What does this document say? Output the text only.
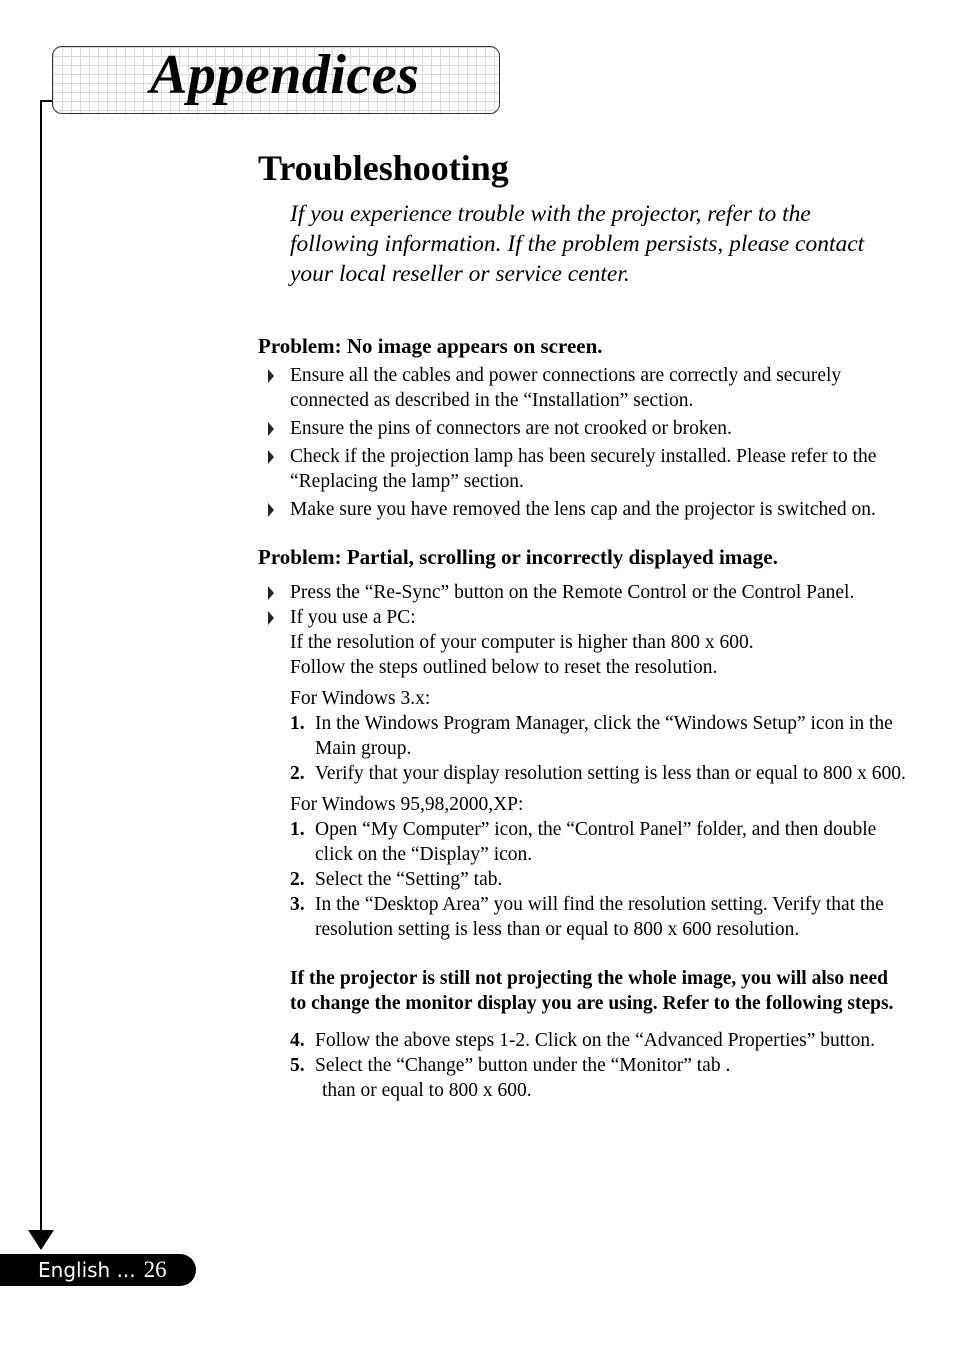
Appendices
English ... 26
Troubleshooting

If you experience trouble with the projector, refer to the following information. If the problem persists, please contact your local reseller or service center.

Problem: No image appears on screen.

Ensure all the cables and power connections are correctly and securely connected as described in the “Installation” section.
Ensure the pins of connectors are not crooked or broken.
Check if the projection lamp has been securely installed. Please refer to the “Replacing the lamp” section.
Make sure you have removed the lens cap and the projector is switched on.

Problem: Partial, scrolling or incorrectly displayed image.

Press the “Re-Sync” button on the Remote Control or the Control Panel.
If you use a PC:
If the resolution of your computer is higher than 800 x 600.
Follow the steps outlined below to reset the resolution.
For Windows 3.x:
1. In the Windows Program Manager, click the “Windows Setup” icon in the Main group.
2. Verify that your display resolution setting is less than or equal to 800 x 600.
For Windows 95,98,2000,XP:
1. Open “My Computer” icon, the “Control Panel” folder, and then double click on the “Display” icon.
2. Select the “Setting” tab.
3. In the “Desktop Area” you will find the resolution setting. Verify that the resolution setting is less than or equal to 800 x 600 resolution.
If the projector is still not projecting the whole image, you will also need to change the monitor display you are using. Refer to the following steps.
4. Follow the above steps 1-2. Click on the “Advanced Properties” button.
5. Select the “Change” button under the “Monitor” tab .
than or equal to 800 x 600.
